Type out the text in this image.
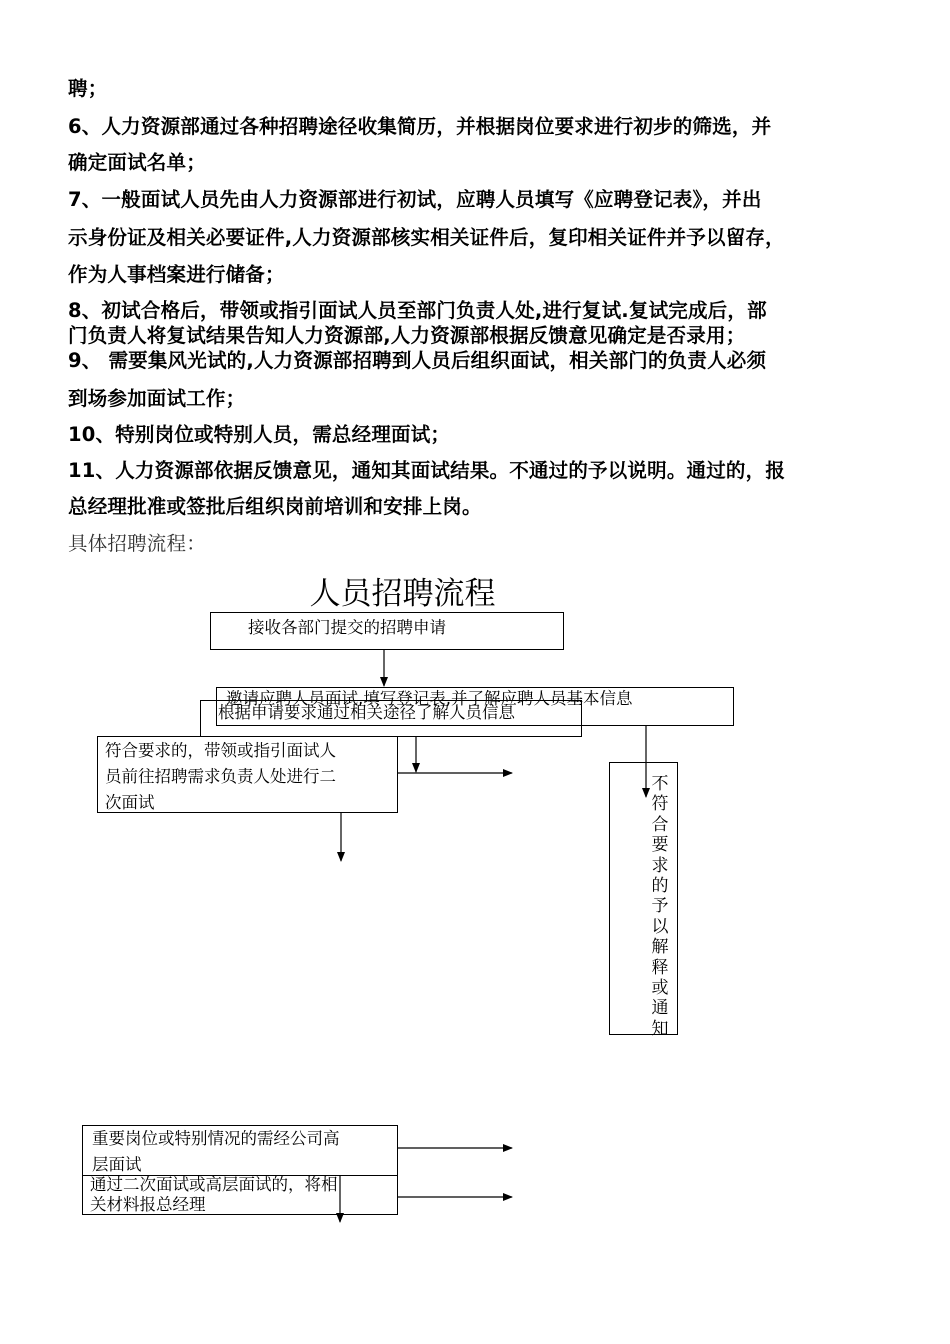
聘；
6、人力资源部通过各种招聘途径收集简历，并根据岗位要求进行初步的筛选，并
确定面试名单；
7、一般面试人员先由人力资源部进行初试，应聘人员填写《应聘登记表》，并出
示身份证及相关必要证件,人力资源部核实相关证件后，复印相关证件并予以留存，
作为人事档案进行储备；
8、初试合格后，带领或指引面试人员至部门负责人处,进行复试.复试完成后，部
门负责人将复试结果告知人力资源部,人力资源部根据反馈意见确定是否录用；
9、 需要集风光试的,人力资源部招聘到人员后组织面试，相关部门的负责人必须
到场参加面试工作；
10、特别岗位或特别人员，需总经理面试；
11、人力资源部依据反馈意见，通知其面试结果。不通过的予以说明。通过的，报
总经理批准或签批后组织岗前培训和安排上岗。
具体招聘流程：
人员招聘流程
接收各部门提交的招聘申请
邀请应聘人员面试,填写登记表,并了解应聘人员基本信息
根据申请要求通过相关途径了解人员信息
符合要求的，带领或指引面试人
员前往招聘需求负责人处进行二
次面试
不符合要求的予以解释或通知
重要岗位或特别情况的需经公司高
层面试
通过二次面试或高层面试的，将相
关材料报总经理
